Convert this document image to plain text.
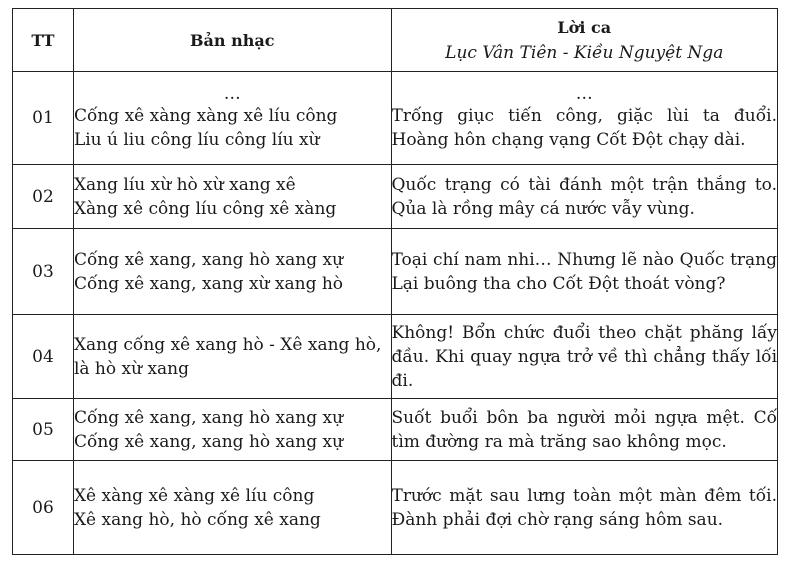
TT	Bản nhạc	Lời ca
Lục Vân Tiên - Kiều Nguyệt Nga

01	…
Cống xê xàng xàng xê líu công
Liu ú liu công líu công líu xừ	…
Trống giục tiến công, giặc lùi ta đuổi. Hoàng hôn chạng vạng Cốt Đột chạy dài.

02	Xang líu xừ hò xừ xang xê
Xàng xê công líu công xê xàng	Quốc trạng có tài đánh một trận thắng to. Qủa là rồng mây cá nước vẫy vùng.

03	Cống xê xang, xang hò xang xự
Cống xê xang, xang xừ xang hò	Toại chí nam nhi… Nhưng lẽ nào Quốc trạng Lại buông tha cho Cốt Đột thoát vòng?

04	Xang cống xê xang hò - Xê xang hò, là hò xừ xang	Không! Bổn chức đuổi theo chặt phăng lấy đầu. Khi quay ngựa trở về thì chẳng thấy lối đi.

05	Cống xê xang, xang hò xang xự
Cống xê xang, xang hò xang xự	Suốt buổi bôn ba người mỏi ngựa mệt. Cố tìm đường ra mà trăng sao không mọc.

06	Xê xàng xê xàng xê líu công
Xê xang hò, hò cống xê xang	Trước mặt sau lưng toàn một màn đêm tối. Đành phải đợi chờ rạng sáng hôm sau.
